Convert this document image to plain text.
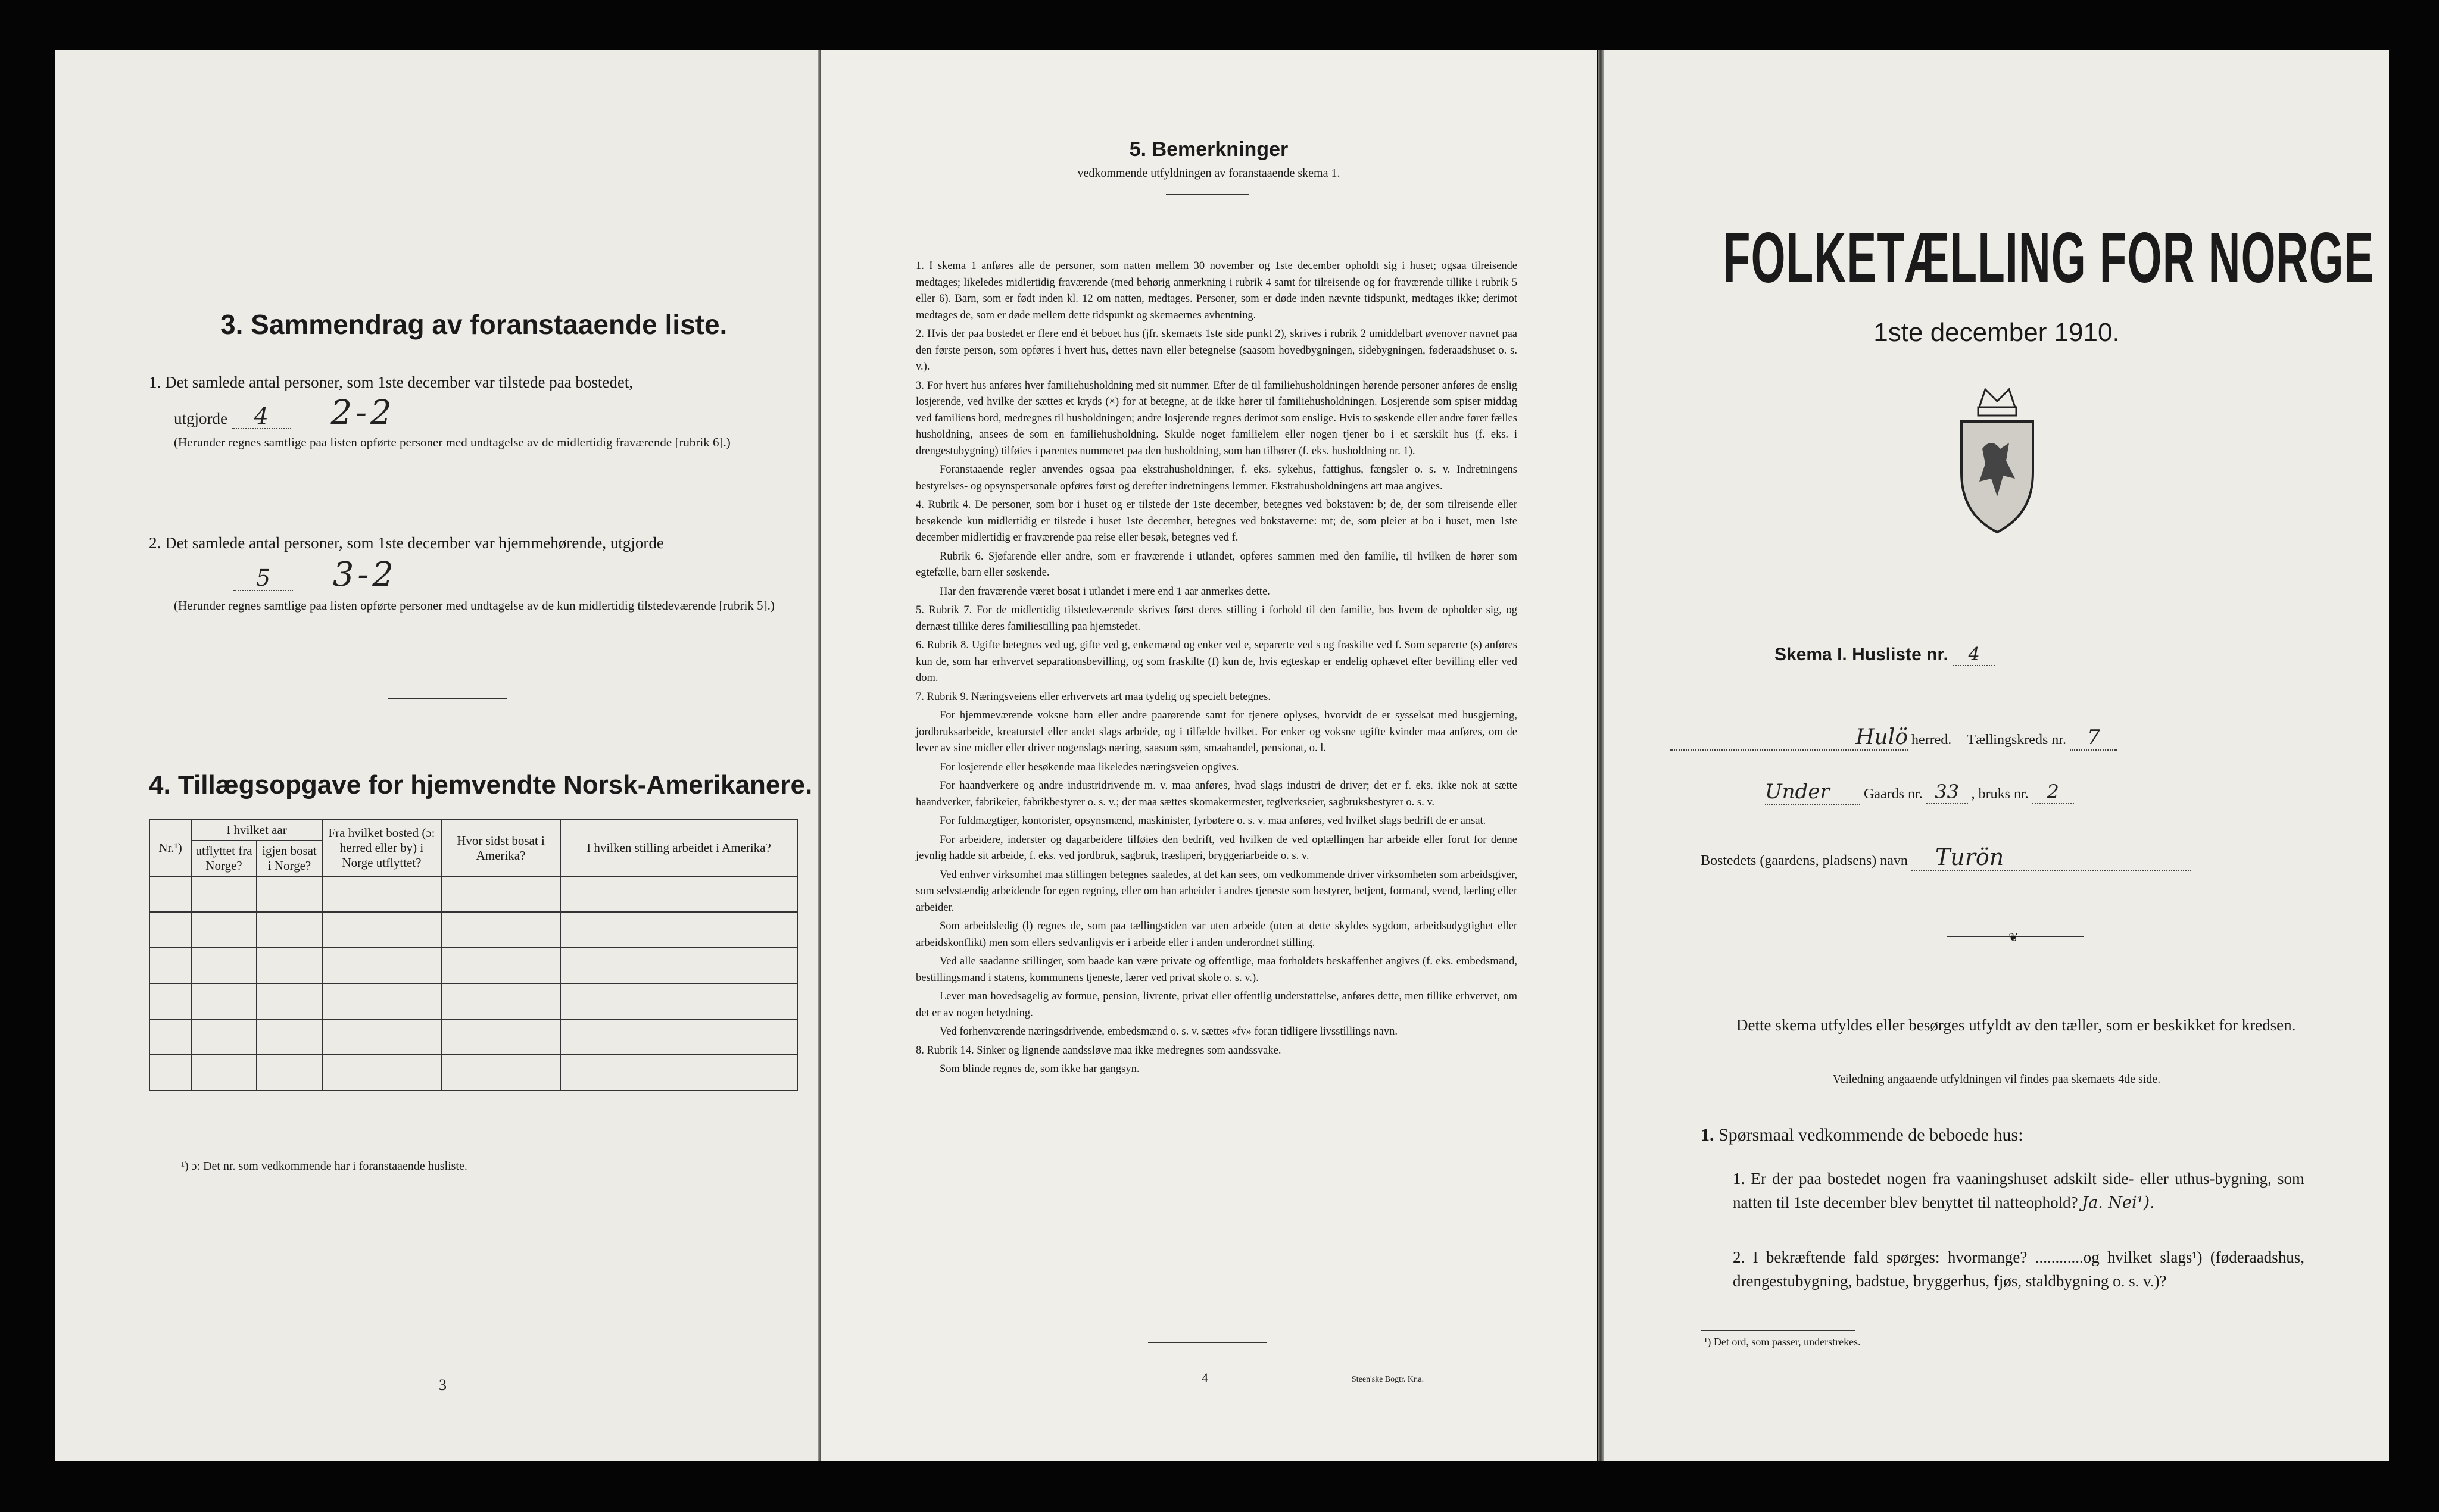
3. Sammendrag av foranstaaende liste.
1. Det samlede antal personer, som 1ste december var tilstede paa bostedet,
utgjorde 4 2-2
(Herunder regnes samtlige paa listen opførte personer med undtagelse av de midlertidig fraværende [rubrik 6].)
2. Det samlede antal personer, som 1ste december var hjemmehørende, utgjorde
5 3-2
(Herunder regnes samtlige paa listen opførte personer med undtagelse av de kun midlertidig tilstedeværende [rubrik 5].)
4. Tillægsopgave for hjemvendte Norsk-Amerikanere.
Nr.¹)	I hvilket aar		Fra hvilket bosted (ɔ: herred eller by) i Norge utflyttet?	Hvor sidst bosat i Amerika?	I hvilken stilling arbeidet i Amerika?
	utflyttet fra Norge?	igjen bosat i Norge?			

¹) ɔ: Det nr. som vedkommende har i foranstaaende husliste.
3
5. Bemerkninger
vedkommende utfyldningen av foranstaaende skema 1.

1. I skema 1 anføres alle de personer, som natten mellem 30 november og 1ste december opholdt sig i huset; ogsaa tilreisende medtages; likeledes midlertidig fraværende (med behørig anmerkning i rubrik 4 samt for tilreisende og for fraværende tillike i rubrik 5 eller 6). Barn, som er født inden kl. 12 om natten, medtages. Personer, som er døde inden nævnte tidspunkt, medtages ikke; derimot medtages de, som er døde mellem dette tidspunkt og skemaernes avhentning.

2. Hvis der paa bostedet er flere end ét beboet hus (jfr. skemaets 1ste side punkt 2), skrives i rubrik 2 umiddelbart øvenover navnet paa den første person, som opføres i hvert hus, dettes navn eller betegnelse (saasom hovedbygningen, sidebygningen, føderaadshuset o. s. v.).

3. For hvert hus anføres hver familiehusholdning med sit nummer. Efter de til familiehusholdningen hørende personer anføres de enslig losjerende, ved hvilke der sættes et kryds (×) for at betegne, at de ikke hører til familiehusholdningen. Losjerende som spiser middag ved familiens bord, medregnes til husholdningen; andre losjerende regnes derimot som enslige. Hvis to søskende eller andre fører fælles husholdning, ansees de som en familiehusholdning. Skulde noget familielem eller nogen tjener bo i et særskilt hus (f. eks. i drengestubygning) tilføies i parentes nummeret paa den husholdning, som han tilhører (f. eks. husholdning nr. 1).

Foranstaaende regler anvendes ogsaa paa ekstrahusholdninger, f. eks. sykehus, fattighus, fængsler o. s. v. Indretningens bestyrelses- og opsynspersonale opføres først og derefter indretningens lemmer. Ekstrahusholdningens art maa angives.

4. Rubrik 4. De personer, som bor i huset og er tilstede der 1ste december, betegnes ved bokstaven: b; de, der som tilreisende eller besøkende kun midlertidig er tilstede i huset 1ste december, betegnes ved bokstaverne: mt; de, som pleier at bo i huset, men 1ste december midlertidig er fraværende paa reise eller besøk, betegnes ved f.

Rubrik 6. Sjøfarende eller andre, som er fraværende i utlandet, opføres sammen med den familie, til hvilken de hører som egtefælle, barn eller søskende.

Har den fraværende været bosat i utlandet i mere end 1 aar anmerkes dette.

5. Rubrik 7. For de midlertidig tilstedeværende skrives først deres stilling i forhold til den familie, hos hvem de opholder sig, og dernæst tillike deres familiestilling paa hjemstedet.

6. Rubrik 8. Ugifte betegnes ved ug, gifte ved g, enkemænd og enker ved e, separerte ved s og fraskilte ved f. Som separerte (s) anføres kun de, som har erhvervet separationsbevilling, og som fraskilte (f) kun de, hvis egteskap er endelig ophævet efter bevilling eller ved dom.

7. Rubrik 9. Næringsveiens eller erhvervets art maa tydelig og specielt betegnes.

For hjemmeværende voksne barn eller andre paarørende samt for tjenere oplyses, hvorvidt de er sysselsat med husgjerning, jordbruksarbeide, kreaturstel eller andet slags arbeide, og i tilfælde hvilket. For enker og voksne ugifte kvinder maa anføres, om de lever av sine midler eller driver nogenslags næring, saasom søm, smaahandel, pensionat, o. l.

For losjerende eller besøkende maa likeledes næringsveien opgives.

For haandverkere og andre industridrivende m. v. maa anføres, hvad slags industri de driver; det er f. eks. ikke nok at sætte haandverker, fabrikeier, fabrikbestyrer o. s. v.; der maa sættes skomakermester, teglverkseier, sagbruksbestyrer o. s. v.

For fuldmægtiger, kontorister, opsynsmænd, maskinister, fyrbøtere o. s. v. maa anføres, ved hvilket slags bedrift de er ansat.

For arbeidere, inderster og dagarbeidere tilføies den bedrift, ved hvilken de ved optællingen har arbeide eller forut for denne jevnlig hadde sit arbeide, f. eks. ved jordbruk, sagbruk, træsliperi, bryggeriarbeide o. s. v.

Ved enhver virksomhet maa stillingen betegnes saaledes, at det kan sees, om vedkommende driver virksomheten som arbeidsgiver, som selvstændig arbeidende for egen regning, eller om han arbeider i andres tjeneste som bestyrer, betjent, formand, svend, lærling eller arbeider.

Som arbeidsledig (l) regnes de, som paa tællingstiden var uten arbeide (uten at dette skyldes sygdom, arbeidsudygtighet eller arbeidskonflikt) men som ellers sedvanligvis er i arbeide eller i anden underordnet stilling.

Ved alle saadanne stillinger, som baade kan være private og offentlige, maa forholdets beskaffenhet angives (f. eks. embedsmand, bestillingsmand i statens, kommunens tjeneste, lærer ved privat skole o. s. v.).

Lever man hovedsagelig av formue, pension, livrente, privat eller offentlig understøttelse, anføres dette, men tillike erhvervet, om det er av nogen betydning.

Ved forhenværende næringsdrivende, embedsmænd o. s. v. sættes «fv» foran tidligere livsstillings navn.

8. Rubrik 14. Sinker og lignende aandssløve maa ikke medregnes som aandssvake.

Som blinde regnes de, som ikke har gangsyn.

4	Steen'ske Bogtr. Kr.a.
FOLKETÆLLING FOR NORGE
1ste december 1910.
Skema I. Husliste nr. 4
Hulö herred. Tællingskreds nr. 7
Under Gaards nr. 33 , bruks nr. 2
Bostedets (gaardens, pladsens) navn Turön
❦
Dette skema utfyldes eller besørges utfyldt av den tæller, som er beskikket for kredsen.
Veiledning angaaende utfyldningen vil findes paa skemaets 4de side.
1. Spørsmaal vedkommende de beboede hus:
1. Er der paa bostedet nogen fra vaaningshuset adskilt side- eller uthus-bygning, som natten til 1ste december blev benyttet til natteophold? Ja. Nei¹).
2. I bekræftende fald spørges: hvormange? ............og hvilket slags¹) (føderaadshus, drengestubygning, badstue, bryggerhus, fjøs, staldbygning o. s. v.)?
¹) Det ord, som passer, understrekes.
